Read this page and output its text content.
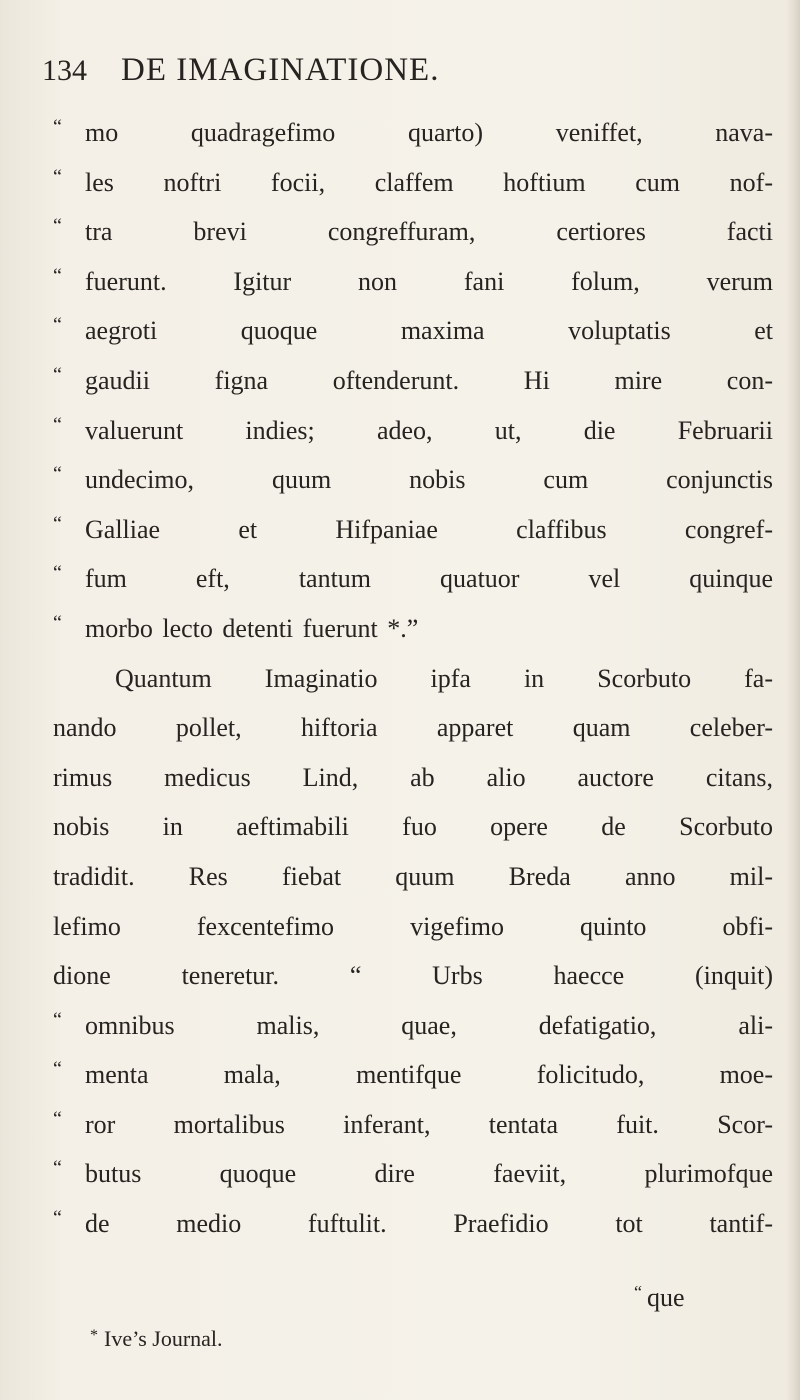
134 DE IMAGINATIONE.
“ mo quadragefimo quarto) veniffet, nava-
“ les noftri focii, claffem hoftium cum nof-
“ tra brevi congreffuram, certiores facti
“ fuerunt. Igitur non fani folum, verum
“ aegroti quoque maxima voluptatis et
“ gaudii figna oftenderunt. Hi mire con-
“ valuerunt indies; adeo, ut, die Februarii
“ undecimo, quum nobis cum conjunctis
“ Galliae et Hifpaniae claffibus congref-
“ fum eft, tantum quatuor vel quinque
“ morbo lecto detenti fuerunt *.”
Quantum Imaginatio ipfa in Scorbuto fa-
nando pollet, hiftoria apparet quam celeber-
rimus medicus Lind, ab alio auctore citans,
nobis in aeftimabili fuo opere de Scorbuto
tradidit. Res fiebat quum Breda anno mil-
lefimo fexcentefimo vigefimo quinto obfi-
dione teneretur. “ Urbs haecce (inquit)
“ omnibus malis, quae, defatigatio, ali-
“ menta mala, mentifque folicitudo, moe-
“ ror mortalibus inferant, tentata fuit. Scor-
“ butus quoque dire faeviit, plurimofque
“ de medio fuftulit. Praefidio tot tantif-
“ que
* Ive’s Journal.
